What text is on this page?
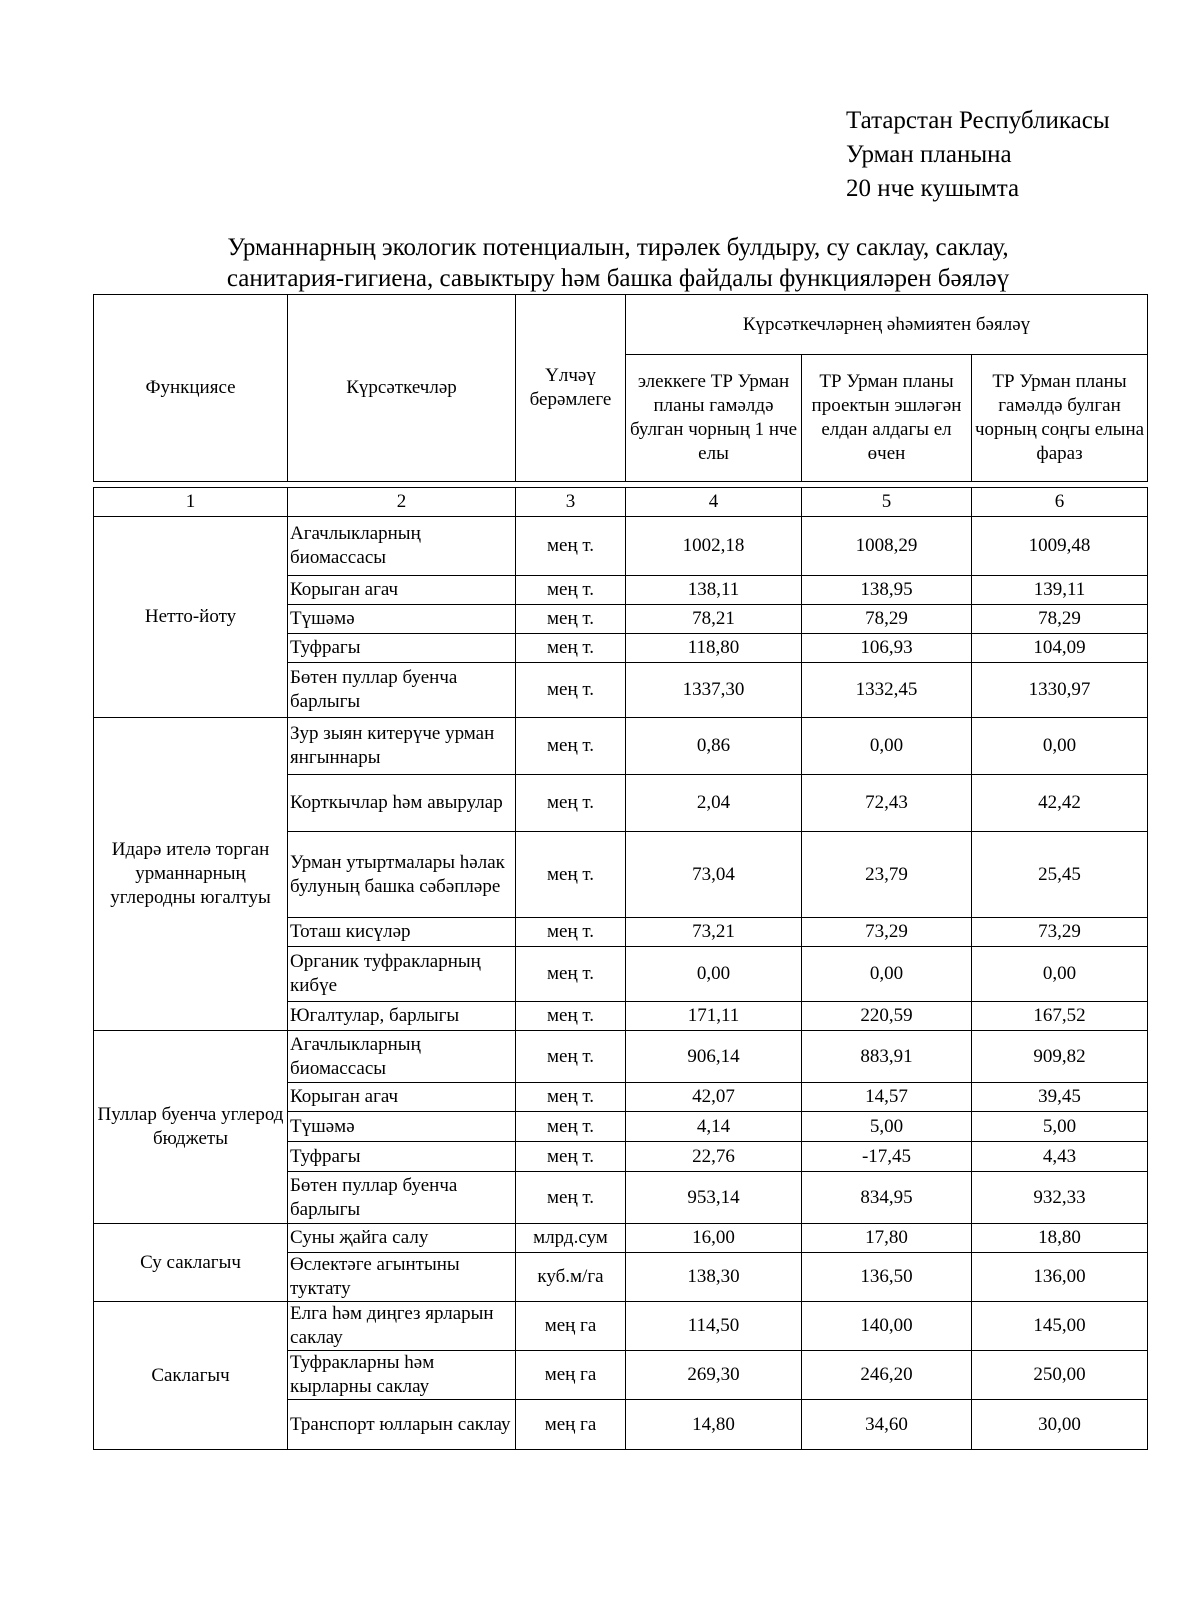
Татарстан Республикасы
Урман планына
20 нче кушымта
Урманнарның экологик потенциалын, тирәлек булдыру, су саклау, саклау,
санитария-гигиена, савыктыру һәм башка файдалы функцияләрен бәяләү
Функциясе	Күрсәткечләр	Үлчәү берәмлеге	Күрсәткечләрнең әһәмиятен бәяләү		
			элеккеге ТР Урман планы гамәлдә булган чорның 1 нче елы	ТР Урман планы проектын эшләгән елдан алдагы ел өчен	ТР Урман планы гамәлдә булган чорның соңгы елына фараз
1	2	3	4	5	6
Нетто-йоту	Агачлыкларның биомассасы	мең т.	1002,18	1008,29	1009,48
	Корыган агач	мең т.	138,11	138,95	139,11
	Түшәмә	мең т.	78,21	78,29	78,29
	Туфрагы	мең т.	118,80	106,93	104,09
	Бөтен пуллар буенча барлыгы	мең т.	1337,30	1332,45	1330,97
Идарә ителә торган урманнарның углеродны югалтуы	Зур зыян китерүче урман янгыннары	мең т.	0,86	0,00	0,00
	Корткычлар һәм авырулар	мең т.	2,04	72,43	42,42
	Урман утыртмалары һәлак булуның башка сәбәпләре	мең т.	73,04	23,79	25,45
	Тоташ кисүләр	мең т.	73,21	73,29	73,29
	Органик туфракларның кибүе	мең т.	0,00	0,00	0,00
	Югалтулар, барлыгы	мең т.	171,11	220,59	167,52
Пуллар буенча углерод бюджеты	Агачлыкларның биомассасы	мең т.	906,14	883,91	909,82
	Корыган агач	мең т.	42,07	14,57	39,45
	Түшәмә	мең т.	4,14	5,00	5,00
	Туфрагы	мең т.	22,76	-17,45	4,43
	Бөтен пуллар буенча барлыгы	мең т.	953,14	834,95	932,33
Су саклагыч	Суны җайга салу	млрд.сум	16,00	17,80	18,80
	Өслектәге агынтыны туктату	куб.м/га	138,30	136,50	136,00
Саклагыч	Елга һәм диңгез ярларын саклау	мең га	114,50	140,00	145,00
	Туфракларны һәм кырларны саклау	мең га	269,30	246,20	250,00
	Транспорт юлларын саклау	мең га	14,80	34,60	30,00
